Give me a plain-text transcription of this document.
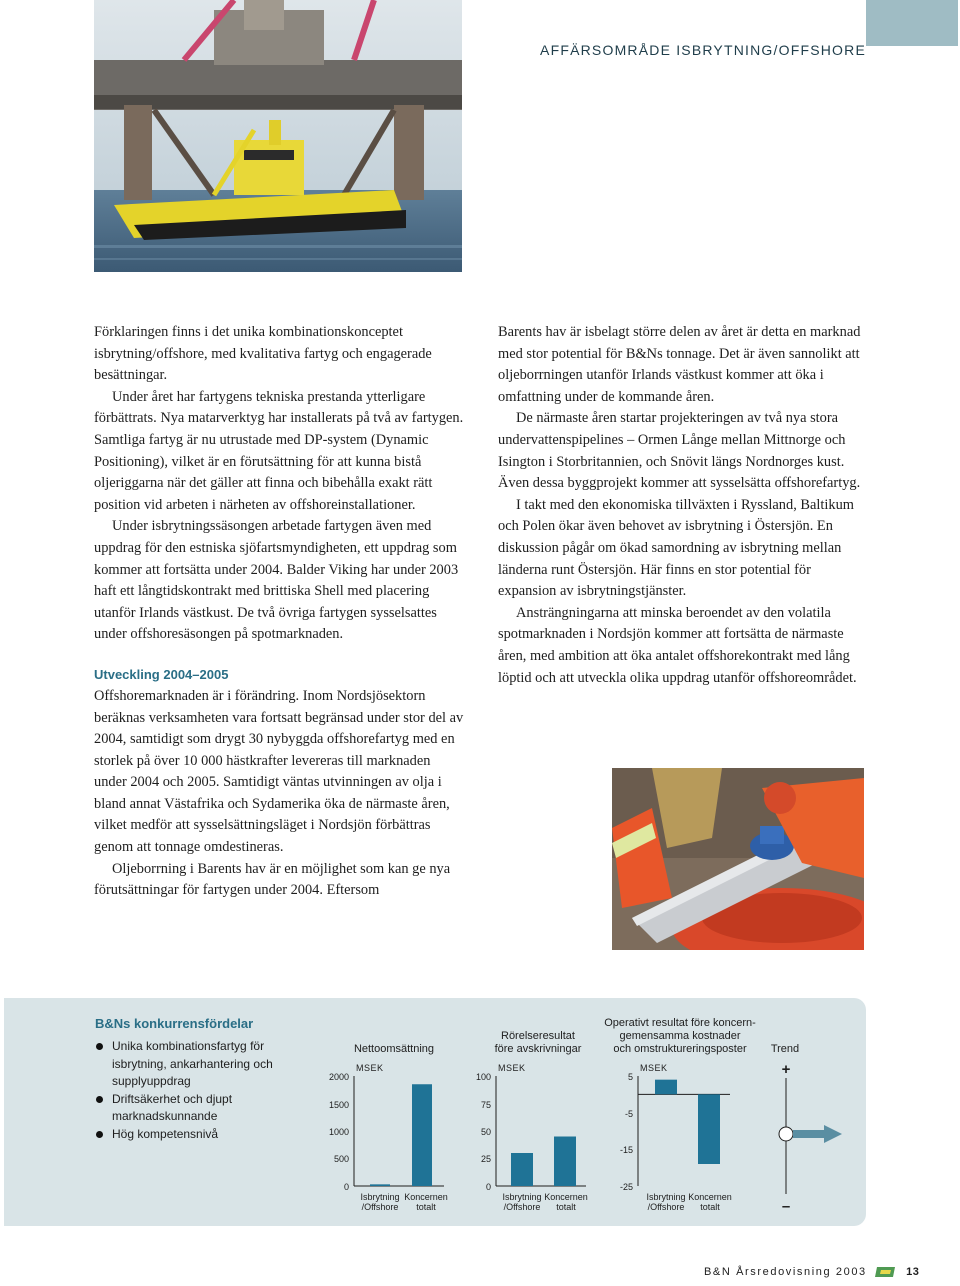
AFFÄRSOMRÅDE ISBRYTNING/OFFSHORE

Förklaringen finns i det unika kombinationskonceptet isbrytning/offshore, med kvalitativa fartyg och engagerade besättningar.

Under året har fartygens tekniska prestanda ytterligare förbättrats. Nya matarverktyg har installerats på två av fartygen. Samtliga fartyg är nu utrustade med DP-system (Dynamic Positioning), vilket är en förutsättning för att kunna bistå oljeriggarna när det gäller att finna och bibehålla exakt rätt position vid arbeten i närheten av offshoreinstallationer.

Under isbrytningssäsongen arbetade fartygen även med uppdrag för den estniska sjöfartsmyndigheten, ett uppdrag som kommer att fortsätta under 2004. Balder Viking har under 2003 haft ett långtidskontrakt med brittiska Shell med placering utanför Irlands västkust. De två övriga fartygen sysselsattes under offshoresäsongen på spotmarknaden.

Utveckling 2004–2005

Offshoremarknaden är i förändring. Inom Nordsjösektorn beräknas verksamheten vara fortsatt begränsad under stor del av 2004, samtidigt som drygt 30 nybyggda offshorefartyg med en storlek på över 10 000 hästkrafter levereras till marknaden under 2004 och 2005. Samtidigt väntas utvinningen av olja i bland annat Västafrika och Sydamerika öka de närmaste åren, vilket medför att sysselsättningsläget i Nordsjön förbättras genom att tonnage omdestineras.

Oljeborrning i Barents hav är en möjlighet som kan ge nya förutsättningar för fartygen under 2004. Eftersom

Barents hav är isbelagt större delen av året är detta en marknad med stor potential för B&Ns tonnage. Det är även sannolikt att oljeborrningen utanför Irlands västkust kommer att öka i omfattning under de kommande åren.

De närmaste åren startar projekteringen av två nya stora undervattenspipelines – Ormen Långe mellan Mittnorge och Isington i Storbritannien, och Snövit längs Nordnorges kust. Även dessa byggprojekt kommer att sysselsätta offshorefartyg.

I takt med den ekonomiska tillväxten i Ryssland, Baltikum och Polen ökar även behovet av isbrytning i Östersjön. En diskussion pågår om ökad samordning av isbrytning mellan länderna runt Östersjön. Här finns en stor potential för expansion av isbrytningstjänster.

Ansträngningarna att minska beroendet av den volatila spotmarknaden i Nordsjön kommer att fortsätta de närmaste åren, med ambition att öka antalet offshorekontrakt med lång löptid och att utveckla olika uppdrag utanför offshoreområdet.

B&Ns konkurrensfördelar
Unika kombinationsfartyg för isbrytning, ankarhantering och supplyuppdrag
Driftsäkerhet och djupt marknadskunnande
Hög kompetensnivå
Nettoomsättning
MSEK
2000
1500
1000
500
0
Isbrytning
/Offshore
Koncernen
totalt
Rörelseresultat
före avskrivningar
MSEK
100
75
50
25
0
Isbrytning
/Offshore
Koncernen
totalt
Operativt resultat före koncern-
gemensamma kostnader
och omstruktureringsposter
MSEK
5
-5
-15
-25
Isbrytning
/Offshore
Koncernen
totalt
Trend
+
–
B&N Årsredovisning 2003	13
